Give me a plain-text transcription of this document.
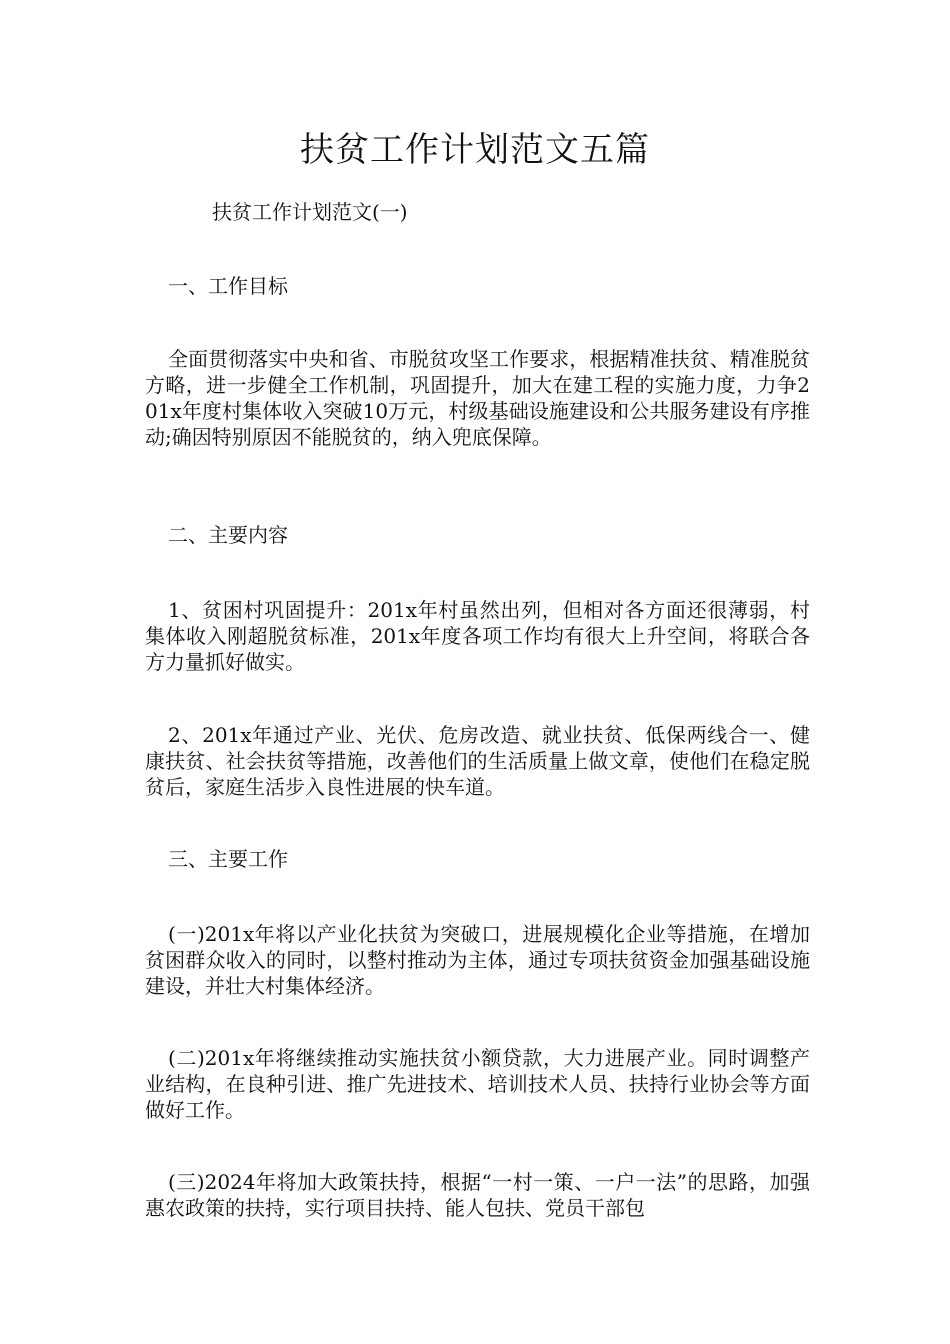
扶贫工作计划范文五篇

扶贫工作计划范文(一)

一、工作目标

全面贯彻落实中央和省、市脱贫攻坚工作要求，根据精准扶贫、精准脱贫方略，进一步健全工作机制，巩固提升，加大在建工程的实施力度，力争201x年度村集体收入突破10万元，村级基础设施建设和公共服务建设有序推动;确因特别原因不能脱贫的，纳入兜底保障。

二、主要内容

1、贫困村巩固提升：201x年村虽然出列，但相对各方面还很薄弱，村集体收入刚超脱贫标准，201x年度各项工作均有很大上升空间，将联合各方力量抓好做实。

2、201x年通过产业、光伏、危房改造、就业扶贫、低保两线合一、健康扶贫、社会扶贫等措施，改善他们的生活质量上做文章，使他们在稳定脱贫后，家庭生活步入良性进展的快车道。

三、主要工作

(一)201x年将以产业化扶贫为突破口，进展规模化企业等措施，在增加贫困群众收入的同时，以整村推动为主体，通过专项扶贫资金加强基础设施建设，并壮大村集体经济。

(二)201x年将继续推动实施扶贫小额贷款，大力进展产业。同时调整产业结构，在良种引进、推广先进技术、培训技术人员、扶持行业协会等方面做好工作。

(三)2024年将加大政策扶持，根据“一村一策、一户一法”的思路，加强惠农政策的扶持，实行项目扶持、能人包扶、党员干部包
